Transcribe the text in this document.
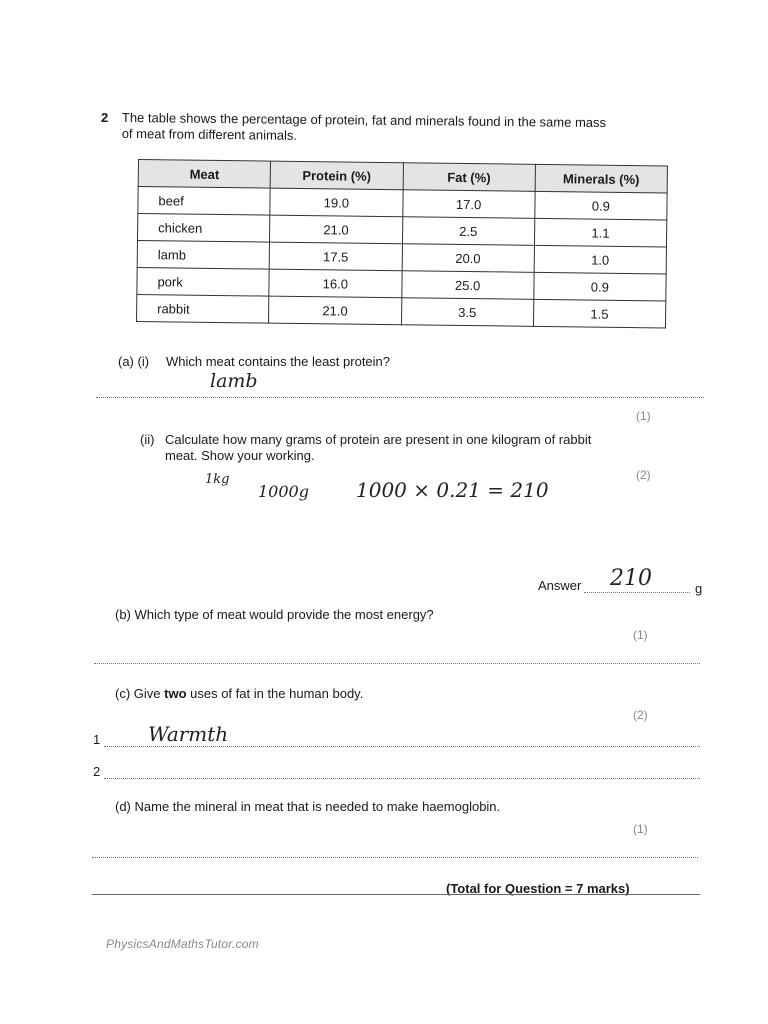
2 The table shows the percentage of protein, fat and minerals found in the same mass
of meat from different animals.
Meat	Protein (%)	Fat (%)	Minerals (%)
beef	19.0	17.0	0.9
chicken	21.0	2.5	1.1
lamb	17.5	20.0	1.0
pork	16.0	25.0	0.9
rabbit	21.0	3.5	1.5
(a) (i) Which meat contains the least protein?
lamb
(1)
(ii) Calculate how many grams of protein are present in one kilogram of rabbit
meat. Show your working.
(2)
1kg
1000g 1000 × 0.21 = 210
Answer 210	g
(b) Which type of meat would provide the most energy?
(1)
(c) Give two uses of fat in the human body.
(2)
1 Warmth
2
(d) Name the mineral in meat that is needed to make haemoglobin.
(1)
(Total for Question = 7 marks)
PhysicsAndMathsTutor.com
